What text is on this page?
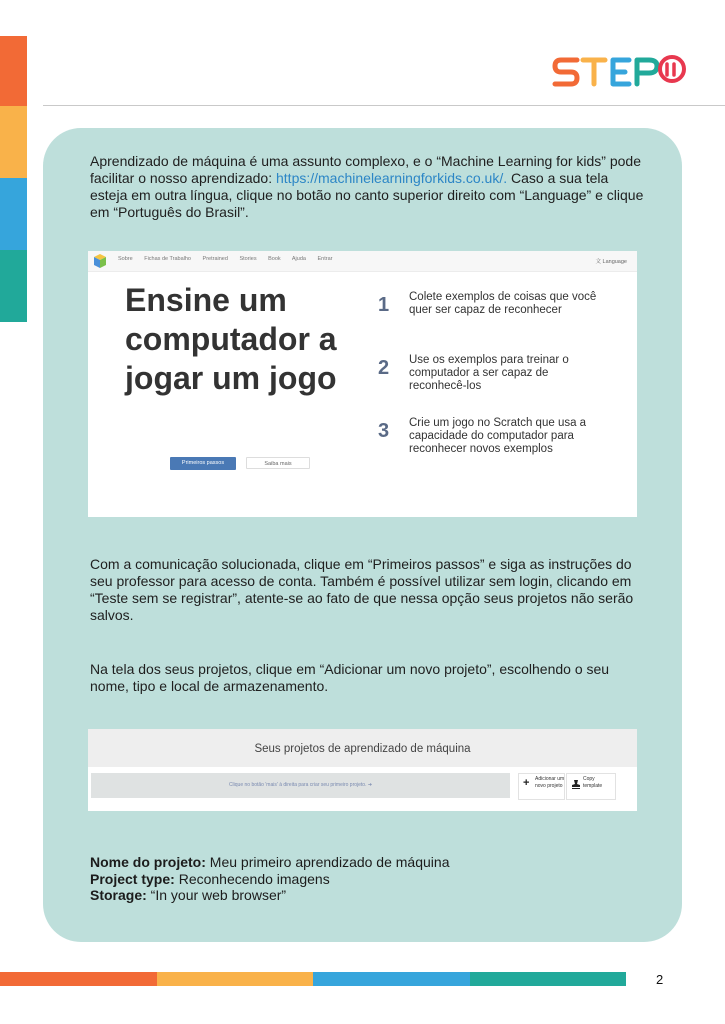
STEP

Aprendizado de máquina é uma assunto complexo, e o “Machine Learning for kids” pode facilitar o nosso aprendizado: https://machinelearningforkids.co.uk/. Caso a sua tela esteja em outra língua, clique no botão no canto superior direito com “Language” e clique em “Português do Brasil”.

Sobre Fichas de Trabalho Pretrained Stories Book Ajuda Entrar	文 Language
Ensine um computador a jogar um jogo
1 Colete exemplos de coisas que você quer ser capaz de reconhecer
2 Use os exemplos para treinar o computador a ser capaz de reconhecê-los
3 Crie um jogo no Scratch que usa a capacidade do computador para reconhecer novos exemplos
Primeiros passos	Saiba mais

Com a comunicação solucionada, clique em “Primeiros passos” e siga as instruções do seu professor para acesso de conta. Também é possível utilizar sem login, clicando em “Teste sem se registrar”, atente-se ao fato de que nessa opção seus projetos não serão salvos.

Na tela dos seus projetos, clique em “Adicionar um novo projeto”, escolhendo o seu nome, tipo e local de armazenamento.

Seus projetos de aprendizado de máquina
Clique no botão 'mais' à direita para criar seu primeiro projeto. ➜	+ Adicionar um novo projeto
Copy template

Nome do projeto: Meu primeiro aprendizado de máquina
Project type: Reconhecendo imagens
Storage: “In your web browser”

2
